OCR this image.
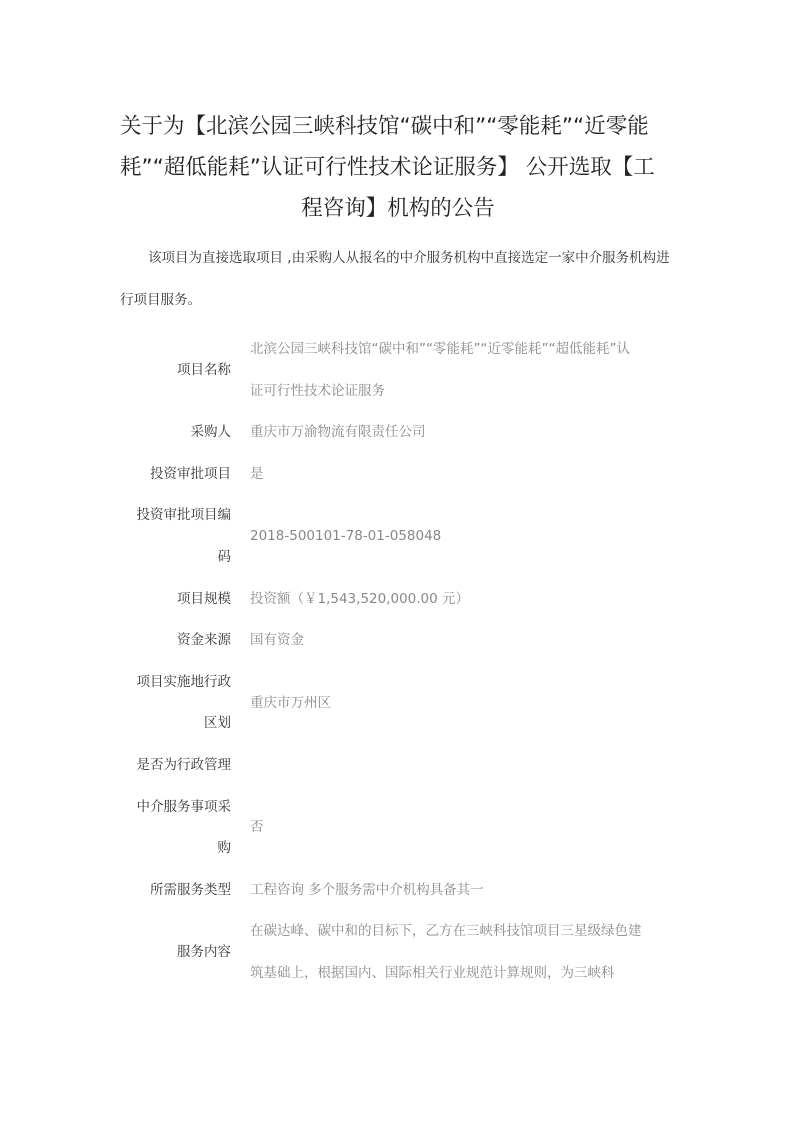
关于为【北滨公园三峡科技馆“碳中和”“零能耗”“近零能
耗”“超低能耗”认证可行性技术论证服务】 公开选取【工
程咨询】机构的公告
该项目为直接选取项目 ,由采购人从报名的中介服务机构中直接选定一家中介服务机构进行项目服务。
项目名称
北滨公园三峡科技馆“碳中和”“零能耗”“近零能耗”“超低能耗”认证可行性技术论证服务
采购人 重庆市万渝物流有限责任公司
投资审批项目 是
投资审批项目编码
2018-500101-78-01-058048
项目规模 投资额（￥1,543,520,000.00 元）
资金来源 国有资金
项目实施地行政区划
重庆市万州区
是否为行政管理
中介服务事项采购
否
所需服务类型 工程咨询 多个服务需中介机构具备其一
服务内容
在碳达峰、碳中和的目标下，乙方在三峡科技馆项目三星级绿色建筑基础上，根据国内、国际相关行业规范计算规则，为三峡科
